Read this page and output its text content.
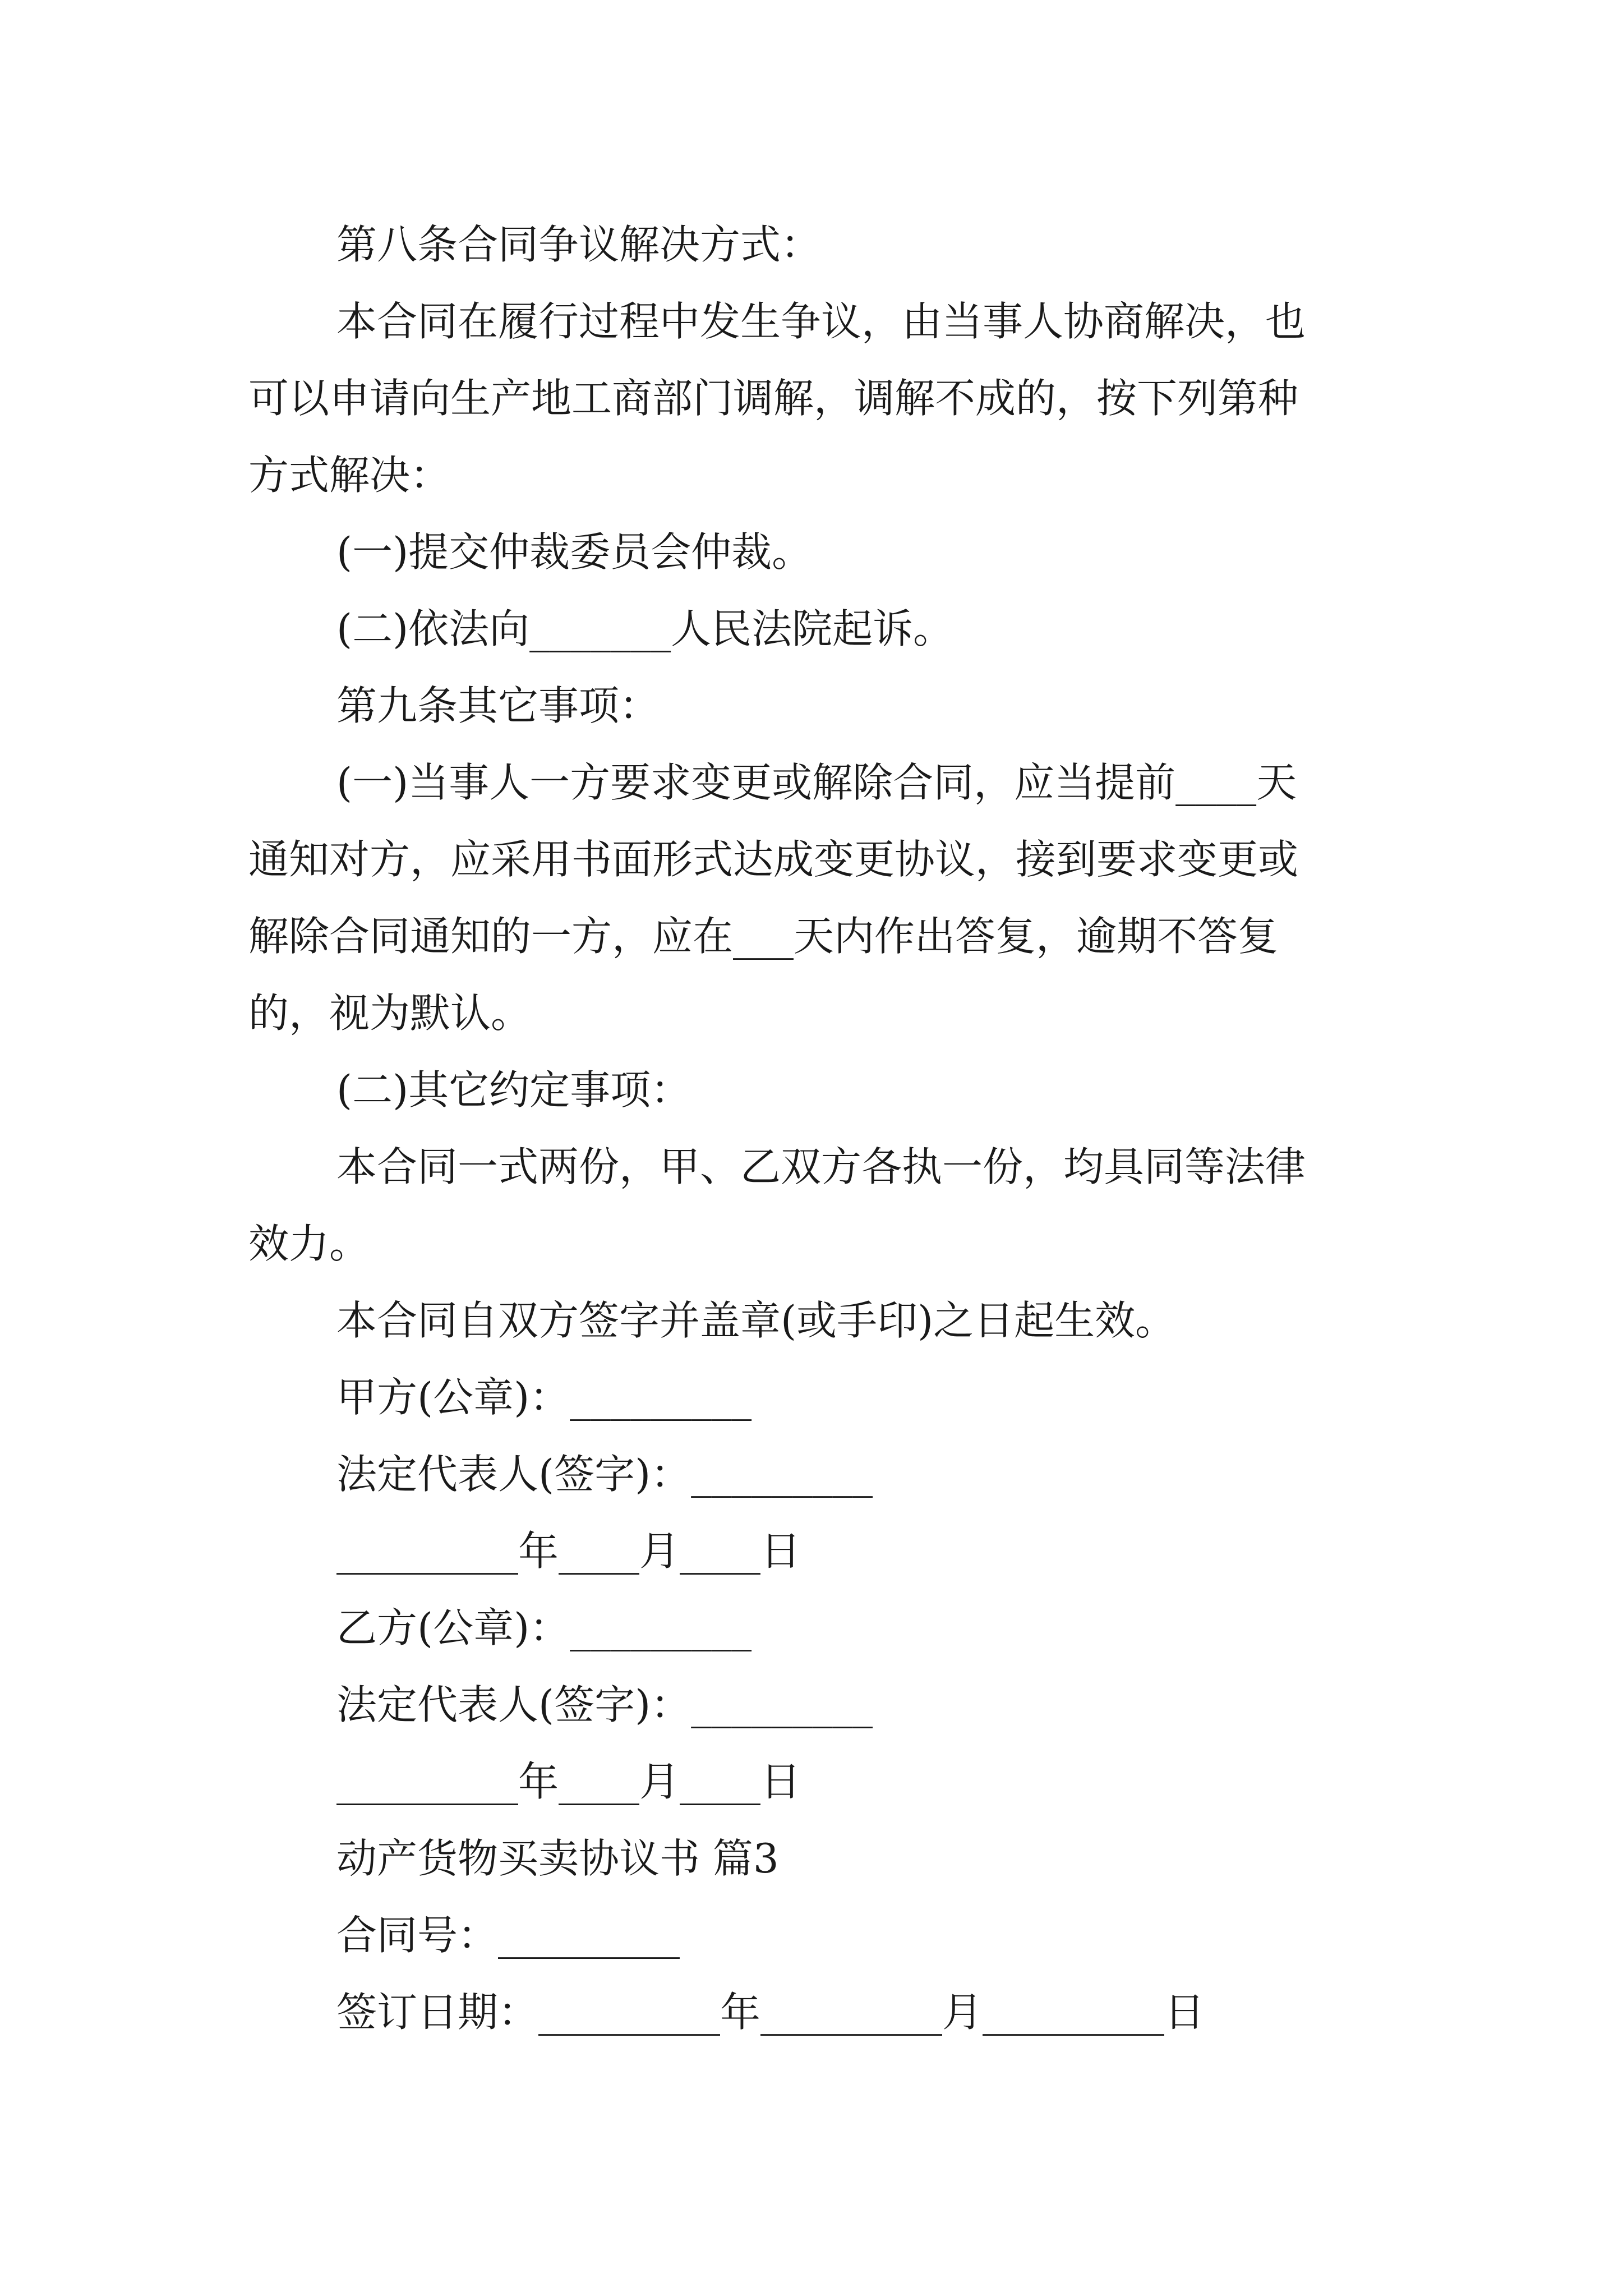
第八条合同争议解决方式：
本合同在履行过程中发生争议，由当事人协商解决，也
可以申请向生产地工商部门调解，调解不成的，按下列第种
方式解决：
(一)提交仲裁委员会仲裁。
(二)依法向_______人民法院起诉。
第九条其它事项：
(一)当事人一方要求变更或解除合同，应当提前____天
通知对方，应采用书面形式达成变更协议，接到要求变更或
解除合同通知的一方，应在___天内作出答复，逾期不答复
的，视为默认。
(二)其它约定事项：
本合同一式两份，甲、乙双方各执一份，均具同等法律
效力。
本合同自双方签字并盖章(或手印)之日起生效。
甲方(公章)：_________
法定代表人(签字)：_________
_________年____月____日
乙方(公章)：_________
法定代表人(签字)：_________
_________年____月____日
动产货物买卖协议书 篇3
合同号：_________
签订日期：_________年_________月_________日
